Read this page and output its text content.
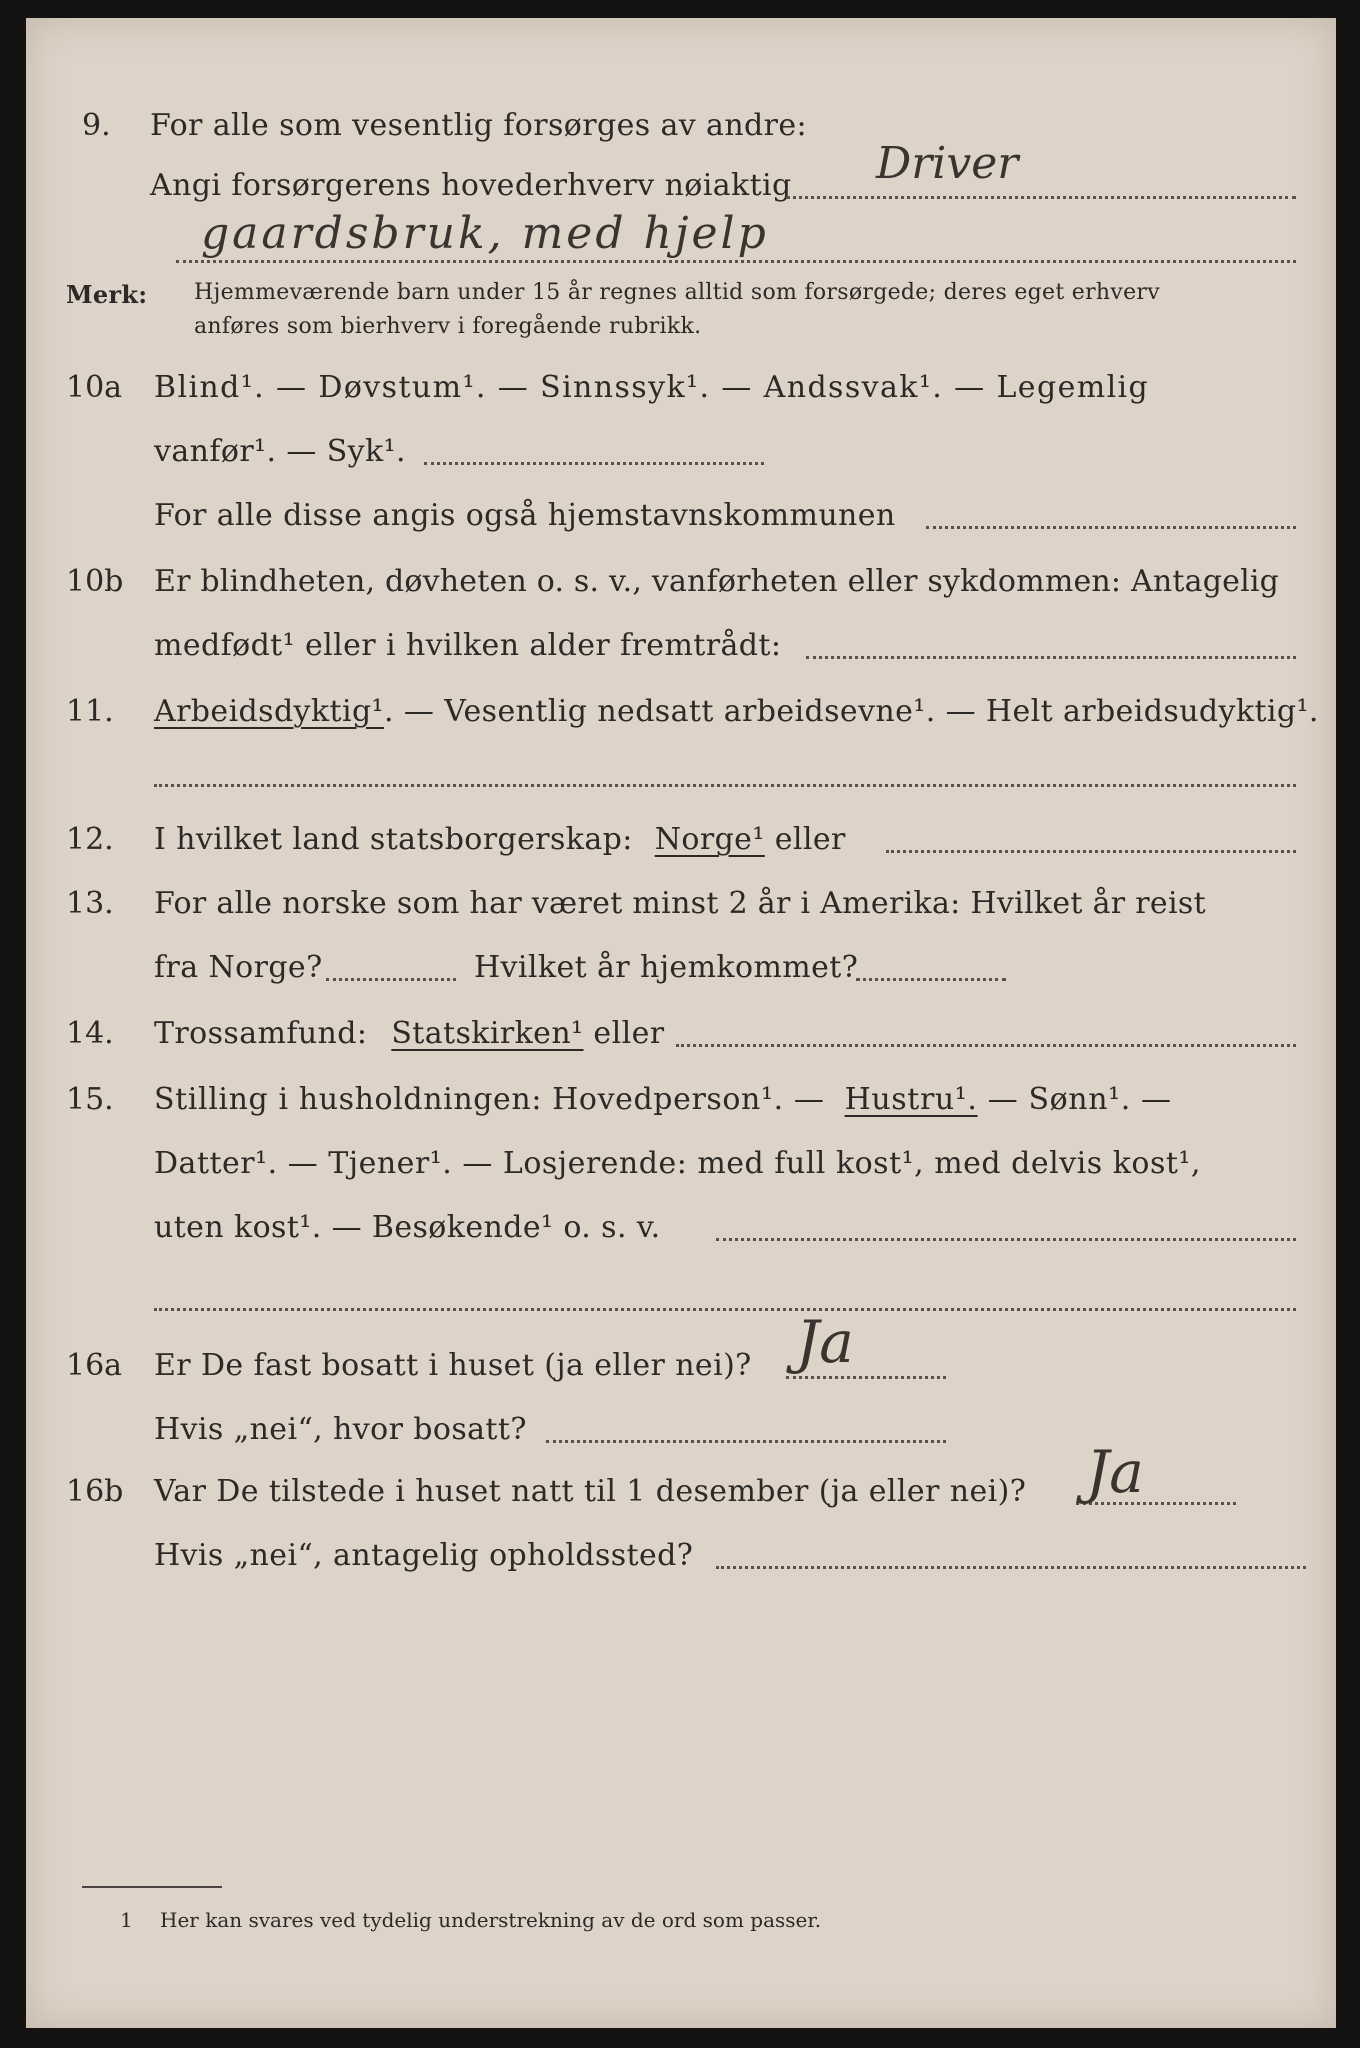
9. For alle som vesentlig forsørges av andre:
Angi forsørgerens hovederhverv nøiaktig Driver
gaardsbruk, med hjelp
Merk: Hjemmeværende barn under 15 år regnes alltid som forsørgede; deres eget erhverv
anføres som bierhverv i foregående rubrikk.
10a Blind¹. — Døvstum¹. — Sinnssyk¹. — Andssvak¹. — Legemlig
vanfør¹. — Syk¹.
For alle disse angis også hjemstavnskommunen
10b Er blindheten, døvheten o. s. v., vanførheten eller sykdommen: Antagelig
medfødt¹ eller i hvilken alder fremtrådt:
11. Arbeidsdyktig¹. — Vesentlig nedsatt arbeidsevne¹. — Helt arbeidsudyktig¹.
12. I hvilket land statsborgerskap: Norge¹ eller
13. For alle norske som har været minst 2 år i Amerika: Hvilket år reist
fra Norge?	Hvilket år hjemkommet?
14. Trossamfund: Statskirken¹ eller
15. Stilling i husholdningen: Hovedperson¹. — Hustru¹. — Sønn¹. —
Datter¹. — Tjener¹. — Losjerende: med full kost¹, med delvis kost¹,
uten kost¹. — Besøkende¹ o. s. v.
16a Er De fast bosatt i huset (ja eller nei)? Ja
Hvis „nei“, hvor bosatt?
16b Var De tilstede i huset natt til 1 desember (ja eller nei)? Ja
Hvis „nei“, antagelig opholdssted?
1 Her kan svares ved tydelig understrekning av de ord som passer.
